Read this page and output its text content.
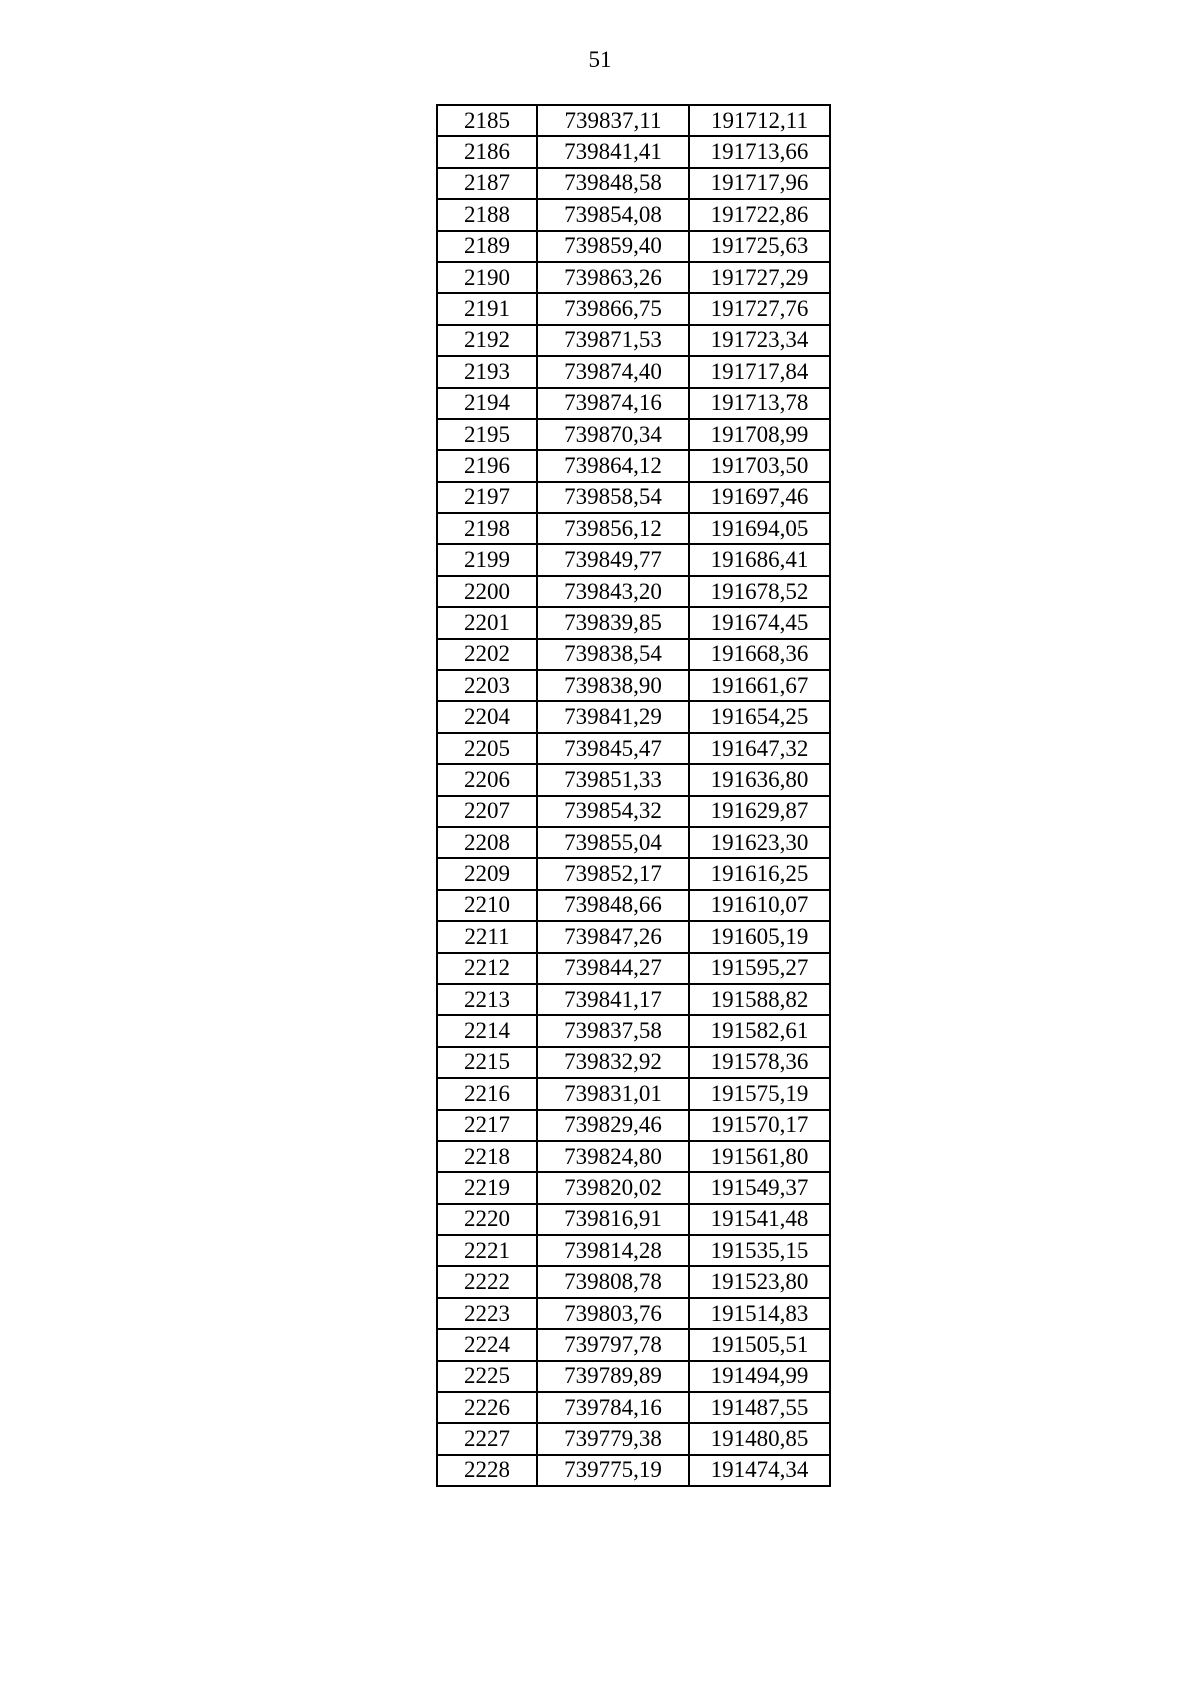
51
2185	739837,11	191712,11
2186	739841,41	191713,66
2187	739848,58	191717,96
2188	739854,08	191722,86
2189	739859,40	191725,63
2190	739863,26	191727,29
2191	739866,75	191727,76
2192	739871,53	191723,34
2193	739874,40	191717,84
2194	739874,16	191713,78
2195	739870,34	191708,99
2196	739864,12	191703,50
2197	739858,54	191697,46
2198	739856,12	191694,05
2199	739849,77	191686,41
2200	739843,20	191678,52
2201	739839,85	191674,45
2202	739838,54	191668,36
2203	739838,90	191661,67
2204	739841,29	191654,25
2205	739845,47	191647,32
2206	739851,33	191636,80
2207	739854,32	191629,87
2208	739855,04	191623,30
2209	739852,17	191616,25
2210	739848,66	191610,07
2211	739847,26	191605,19
2212	739844,27	191595,27
2213	739841,17	191588,82
2214	739837,58	191582,61
2215	739832,92	191578,36
2216	739831,01	191575,19
2217	739829,46	191570,17
2218	739824,80	191561,80
2219	739820,02	191549,37
2220	739816,91	191541,48
2221	739814,28	191535,15
2222	739808,78	191523,80
2223	739803,76	191514,83
2224	739797,78	191505,51
2225	739789,89	191494,99
2226	739784,16	191487,55
2227	739779,38	191480,85
2228	739775,19	191474,34
